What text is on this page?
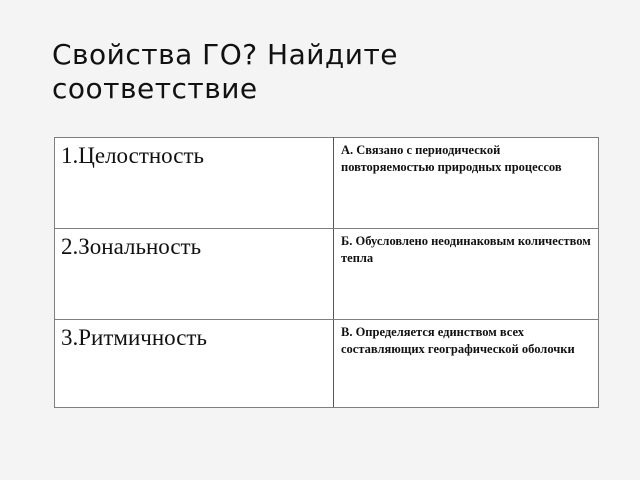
Свойства ГО? Найдите
соответствие
1.Целостность	А. Связано с периодической повторяемостью природных процессов
2.Зональность	Б. Обусловлено неодинаковым количеством тепла
3.Ритмичность	В. Определяется единством всех составляющих географической оболочки
